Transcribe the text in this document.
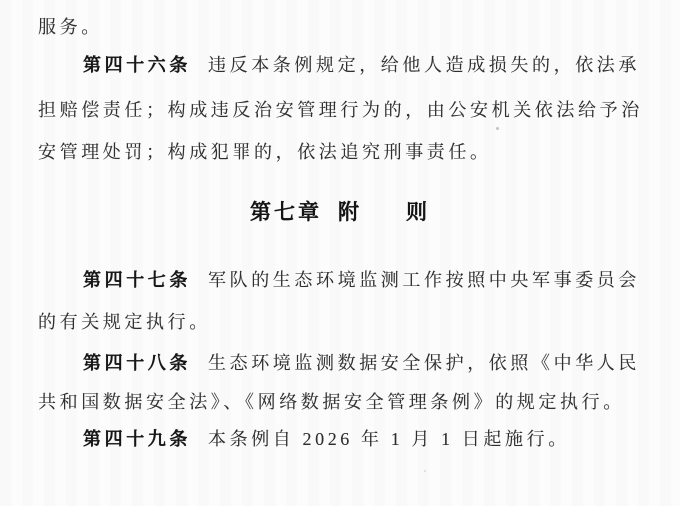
服务。
第四十六条 违反本条例规定，给他人造成损失的，依法承
担赔偿责任；构成违反治安管理行为的，由公安机关依法给予治
安管理处罚；构成犯罪的，依法追究刑事责任。
第七章 附 则
第四十七条 军队的生态环境监测工作按照中央军事委员会
的有关规定执行。
第四十八条 生态环境监测数据安全保护，依照《中华人民
共和国数据安全法》、《网络数据安全管理条例》的规定执行。
第四十九条 本条例自 2026 年 1 月 1 日起施行。
